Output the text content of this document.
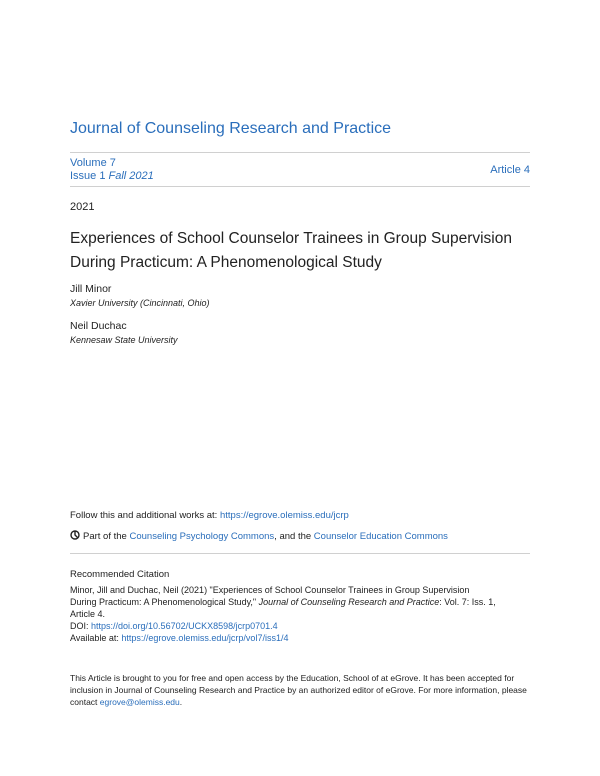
Journal of Counseling Research and Practice
Volume 7
Issue 1 Fall 2021	Article 4
2021
Experiences of School Counselor Trainees in Group Supervision During Practicum: A Phenomenological Study
Jill Minor
Xavier University (Cincinnati, Ohio)
Neil Duchac
Kennesaw State University
Follow this and additional works at: https://egrove.olemiss.edu/jcrp
Part of the Counseling Psychology Commons, and the Counselor Education Commons
Recommended Citation
Minor, Jill and Duchac, Neil (2021) "Experiences of School Counselor Trainees in Group Supervision
During Practicum: A Phenomenological Study," Journal of Counseling Research and Practice: Vol. 7: Iss. 1,
Article 4.
DOI: https://doi.org/10.56702/UCKX8598/jcrp0701.4
Available at: https://egrove.olemiss.edu/jcrp/vol7/iss1/4
This Article is brought to you for free and open access by the Education, School of at eGrove. It has been accepted for inclusion in Journal of Counseling Research and Practice by an authorized editor of eGrove. For more information, please contact egrove@olemiss.edu.
